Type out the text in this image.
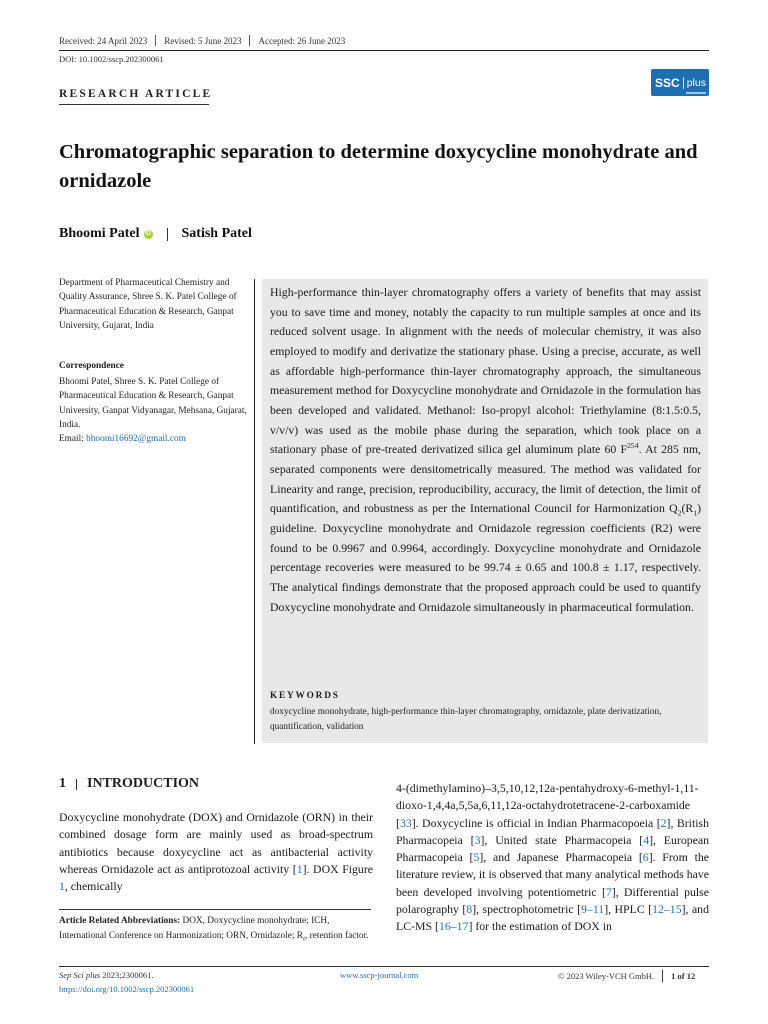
Received: 24 April 2023 Revised: 5 June 2023 Accepted: 26 June 2023
DOI: 10.1002/sscp.202300061
RESEARCH ARTICLE
SSC plus
Chromatographic separation to determine doxycycline monohydrate and ornidazole
Bhoomi Patel iD Satish Patel
Department of Pharmaceutical Chemistry and Quality Assurance, Shree S. K. Patel College of Pharmaceutical Education & Research, Ganpat University, Gujarat, India
Correspondence
Bhoomi Patel, Shree S. K. Patel College of Pharmaceutical Education & Research, Ganpat University, Ganpat Vidyanagar, Mehsana, Gujarat, India.
Email: bhoomi16692@gmail.com
High-performance thin-layer chromatography offers a variety of benefits that may assist you to save time and money, notably the capacity to run multiple samples at once and its reduced solvent usage. In alignment with the needs of molecular chemistry, it was also employed to modify and derivatize the stationary phase. Using a precise, accurate, as well as affordable high-performance thin-layer chromatography approach, the simultaneous measurement method for Doxycycline monohydrate and Ornidazole in the formulation has been developed and validated. Methanol: Iso-propyl alcohol: Triethylamine (8:1.5:0.5, v/v/v) was used as the mobile phase during the separation, which took place on a stationary phase of pre-treated derivatized silica gel aluminum plate 60 $F^{254}$. At 285 nm, separated components were densitometrically measured. The method was validated for Linearity and range, precision, reproducibility, accuracy, the limit of detection, the limit of quantification, and robustness as per the International Council for Harmonization $Q_2(R_1)$ guideline. Doxycycline monohydrate and Ornidazole regression coefficients (R2) were found to be 0.9967 and 0.9964, accordingly. Doxycycline monohydrate and Ornidazole percentage recoveries were measured to be 99.74 ± 0.65 and 100.8 ± 1.17, respectively. The analytical findings demonstrate that the proposed approach could be used to quantify Doxycycline monohydrate and Ornidazole simultaneously in pharmaceutical formulation.
KEYWORDS
doxycycline monohydrate, high-performance thin-layer chromatography, ornidazole, plate derivatization, quantification, validation
1 INTRODUCTION
Doxycycline monohydrate (DOX) and Ornidazole (ORN) in their combined dosage form are mainly used as broad-spectrum antibiotics because doxycycline act as antibacterial activity whereas Ornidazole act as antiprotozoal activity [1]. DOX Figure 1, chemically
Article Related Abbreviations: DOX, Doxycycline monohydrate; ICH, International Conference on Harmonization; ORN, Ornidazole; $R_f$, retention factor.
4-(dimethylamino)–3,5,10,12,12a-pentahydroxy-6-methyl-1,11-dioxo-1,4,4a,5,5a,6,11,12a-octahydrotetracene-2-carboxamide [33]. Doxycycline is official in Indian Pharmacopoeia [2], British Pharmacopeia [3], United state Pharmacopeia [4], European Pharmacopeia [5], and Japanese Pharmacopeia [6]. From the literature review, it is observed that many analytical methods have been developed involving potentiometric [7], Differential pulse polarography [8], spectrophotometric [9–11], HPLC [12–15], and LC-MS [16–17] for the estimation of DOX in
Sep Sci plus 2023;2300061.
https://doi.org/10.1002/sscp.202300061
www.sscp-journal.com	© 2023 Wiley-VCH GmbH. 1 of 12
